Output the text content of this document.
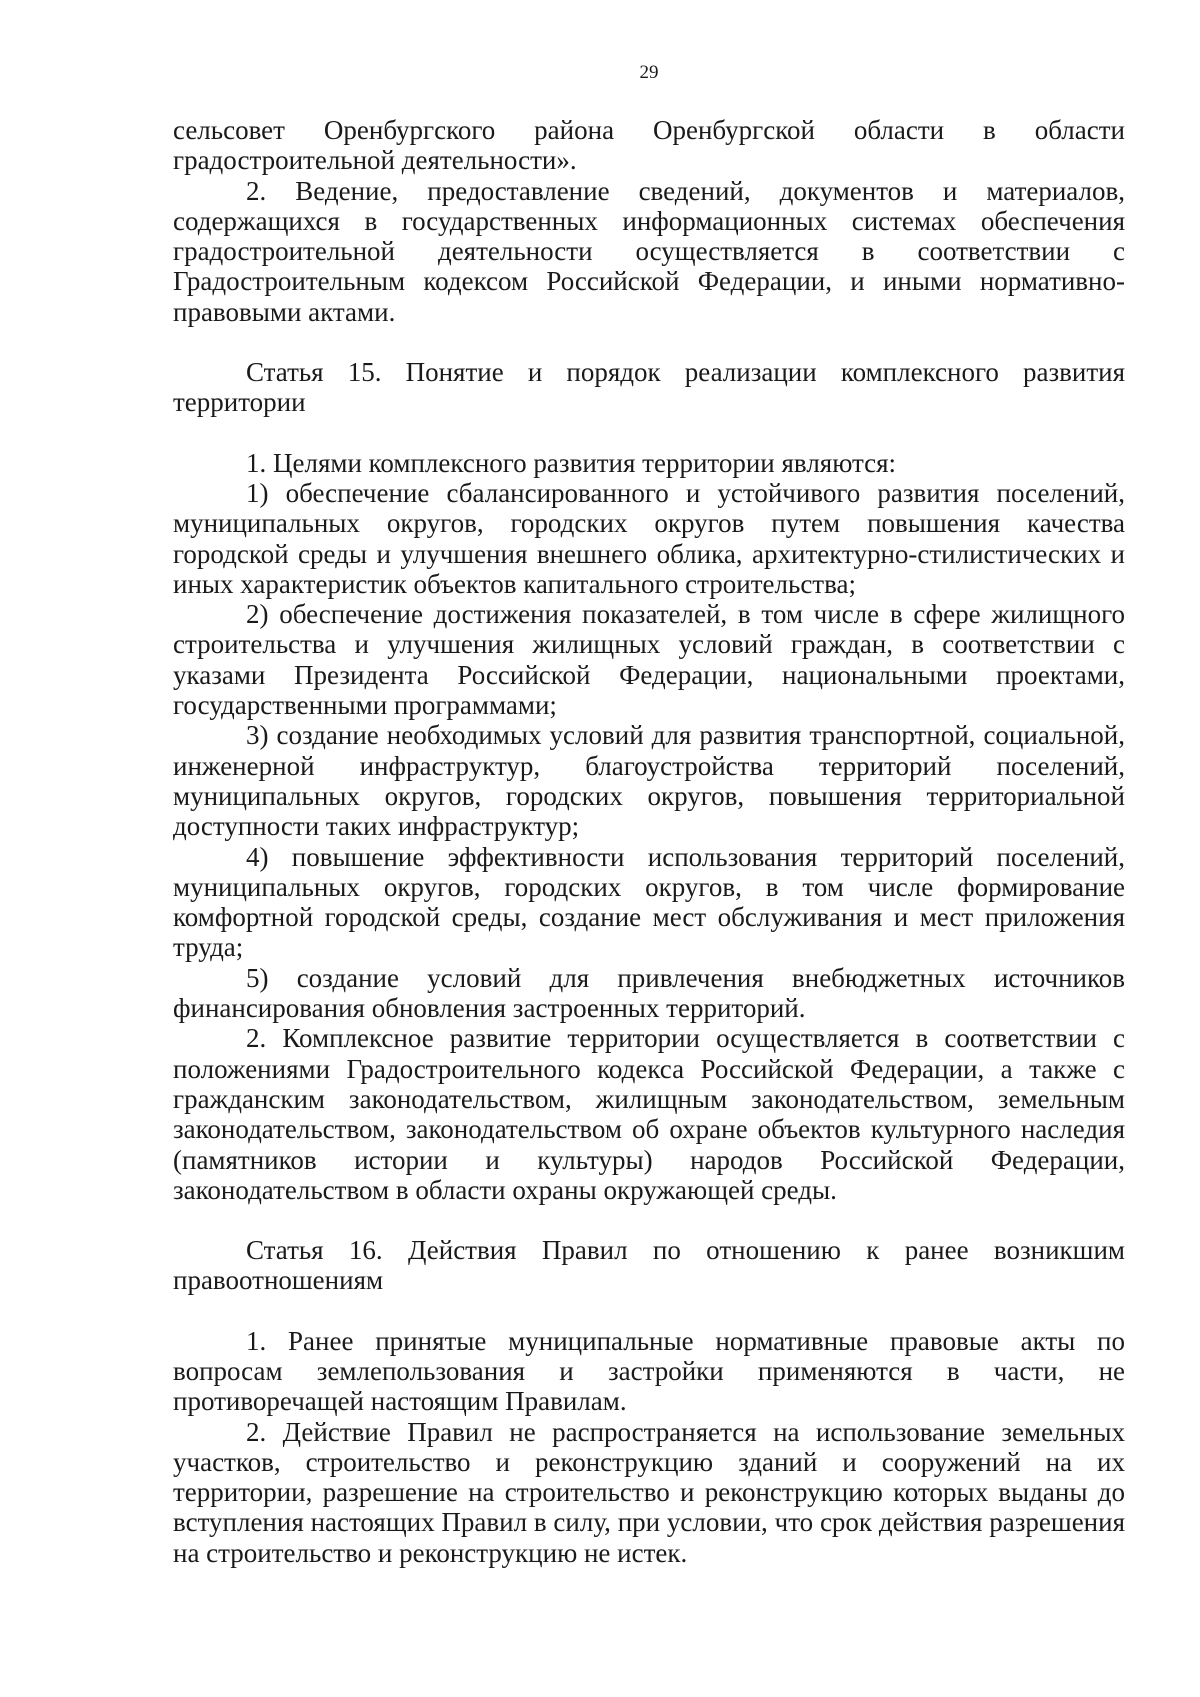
29

сельсовет Оренбургского района Оренбургской области в области градостроительной деятельности».

2. Ведение, предоставление сведений, документов и материалов, содержащихся в государственных информационных системах обеспечения градостроительной деятельности осуществляется в соответствии с Градостроительным кодексом Российской Федерации, и иными нормативно-правовыми актами.

Статья 15. Понятие и порядок реализации комплексного развития территории

1. Целями комплексного развития территории являются:

1) обеспечение сбалансированного и устойчивого развития поселений, муниципальных округов, городских округов путем повышения качества городской среды и улучшения внешнего облика, архитектурно-стилистических и иных характеристик объектов капитального строительства;

2) обеспечение достижения показателей, в том числе в сфере жилищного строительства и улучшения жилищных условий граждан, в соответствии с указами Президента Российской Федерации, национальными проектами, государственными программами;

3) создание необходимых условий для развития транспортной, социальной, инженерной инфраструктур, благоустройства территорий поселений, муниципальных округов, городских округов, повышения территориальной доступности таких инфраструктур;

4) повышение эффективности использования территорий поселений, муниципальных округов, городских округов, в том числе формирование комфортной городской среды, создание мест обслуживания и мест приложения труда;

5) создание условий для привлечения внебюджетных источников финансирования обновления застроенных территорий.

2. Комплексное развитие территории осуществляется в соответствии с положениями Градостроительного кодекса Российской Федерации, а также с гражданским законодательством, жилищным законодательством, земельным законодательством, законодательством об охране объектов культурного наследия (памятников истории и культуры) народов Российской Федерации, законодательством в области охраны окружающей среды.

Статья 16. Действия Правил по отношению к ранее возникшим правоотношениям

1. Ранее принятые муниципальные нормативные правовые акты по вопросам землепользования и застройки применяются в части, не противоречащей настоящим Правилам.

2. Действие Правил не распространяется на использование земельных участков, строительство и реконструкцию зданий и сооружений на их территории, разрешение на строительство и реконструкцию которых выданы до вступления настоящих Правил в силу, при условии, что срок действия разрешения на строительство и реконструкцию не истек.
